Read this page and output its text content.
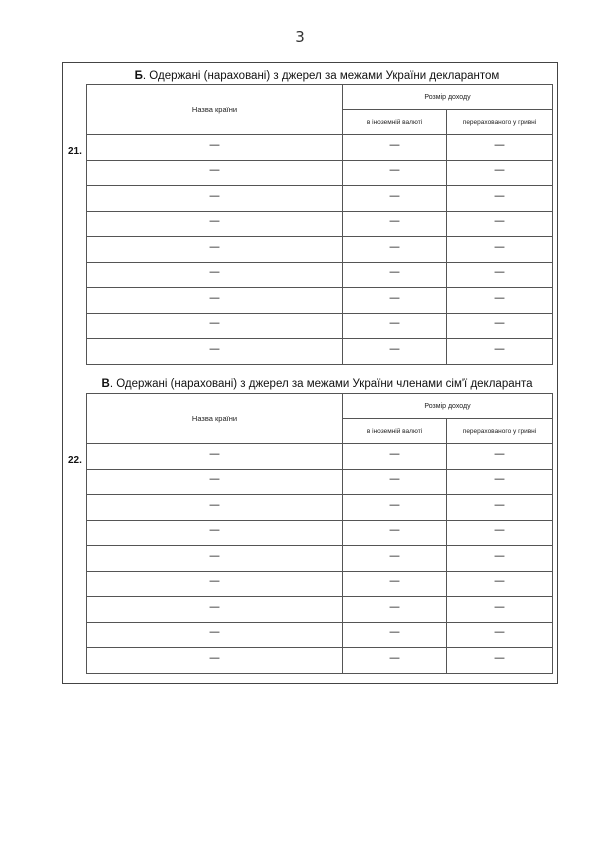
3
Б. Одержані (нараховані) з джерел за межами України декларантом
21.
Назва країни	Розмір доходу	
	в іноземній валюті	перерахованого у гривні
—	—	—
—	—	—
—	—	—
—	—	—
—	—	—
—	—	—
—	—	—
—	—	—
—	—	—
В. Одержані (нараховані) з джерел за межами України членами сім'ї декларанта
22.
Назва країни	Розмір доходу	
	в іноземній валюті	перерахованого у гривні
—	—	—
—	—	—
—	—	—
—	—	—
—	—	—
—	—	—
—	—	—
—	—	—
—	—	—
